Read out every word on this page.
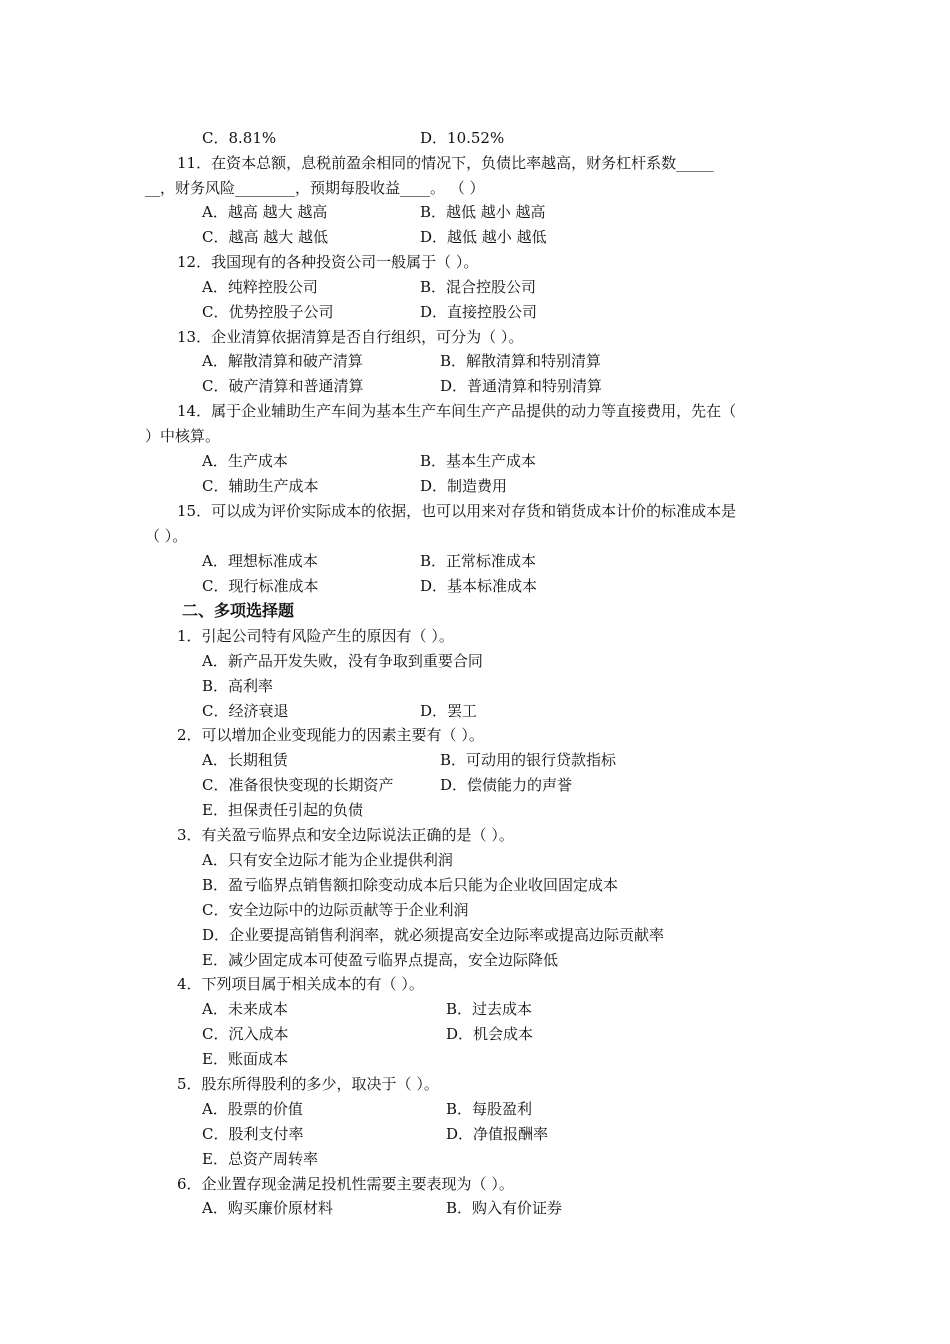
C．8.81%	D．10.52%
11．在资本总额，息税前盈余相同的情况下，负债比率越高，财务杠杆系数_____
__，财务风险________，预期每股收益____。 （ ）
A．越高 越大 越高	B．越低 越小 越高
C．越高 越大 越低	D．越低 越小 越低
12．我国现有的各种投资公司一般属于（ ）。
A．纯粹控股公司	B．混合控股公司
C．优势控股子公司	D．直接控股公司
13．企业清算依据清算是否自行组织，可分为（ ）。
A．解散清算和破产清算	B．解散清算和特别清算
C．破产清算和普通清算	D．普通清算和特别清算
14．属于企业辅助生产车间为基本生产车间生产产品提供的动力等直接费用，先在（
）中核算。
A．生产成本	B．基本生产成本
C．辅助生产成本	D．制造费用
15．可以成为评价实际成本的依据，也可以用来对存货和销货成本计价的标准成本是
（ ）。
A．理想标准成本	B．正常标准成本
C．现行标准成本	D．基本标准成本
二、多项选择题
1．引起公司特有风险产生的原因有（ ）。
A．新产品开发失败，没有争取到重要合同
B．高利率
C．经济衰退	D．罢工
2．可以增加企业变现能力的因素主要有（ ）。
A．长期租赁	B．可动用的银行贷款指标
C．准备很快变现的长期资产	D．偿债能力的声誉
E．担保责任引起的负债
3．有关盈亏临界点和安全边际说法正确的是（ ）。
A．只有安全边际才能为企业提供利润
B．盈亏临界点销售额扣除变动成本后只能为企业收回固定成本
C．安全边际中的边际贡献等于企业利润
D．企业要提高销售利润率，就必须提高安全边际率或提高边际贡献率
E．减少固定成本可使盈亏临界点提高，安全边际降低
4．下列项目属于相关成本的有（ ）。
A．未来成本	B．过去成本
C．沉入成本	D．机会成本
E．账面成本
5．股东所得股利的多少，取决于（ ）。
A．股票的价值	B．每股盈利
C．股利支付率	D．净值报酬率
E．总资产周转率
6．企业置存现金满足投机性需要主要表现为（ ）。
A．购买廉价原材料	B．购入有价证券
